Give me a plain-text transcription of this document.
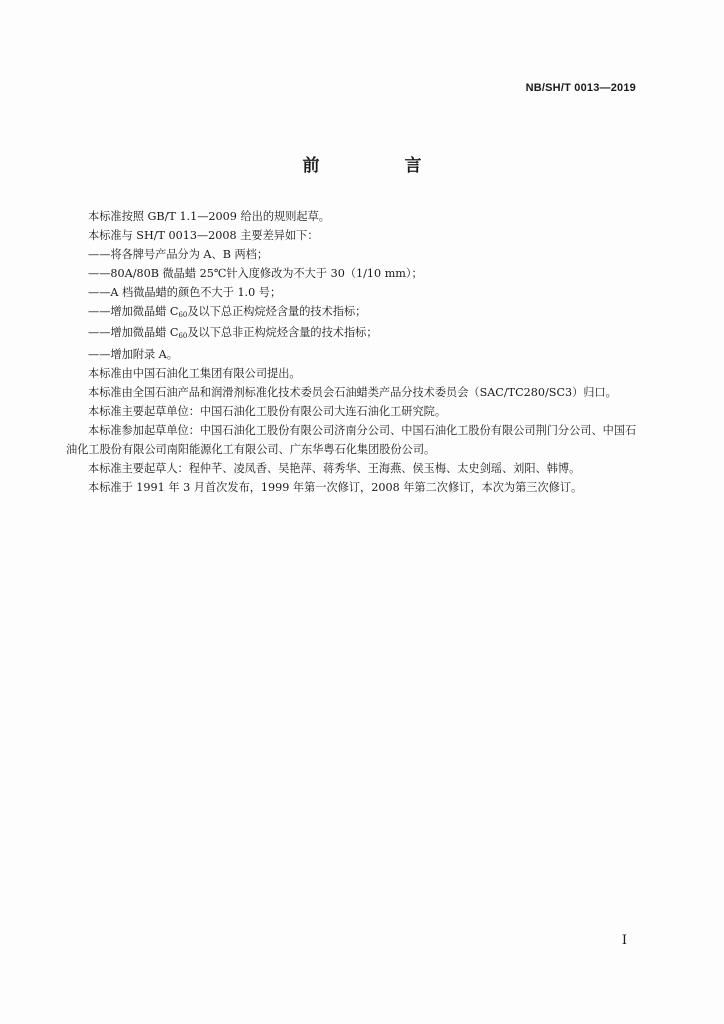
NB/SH/T 0013—2019
前　言

本标准按照 GB/T 1.1—2009 给出的规则起草。

本标准与 SH/T 0013—2008 主要差异如下：

——将各牌号产品分为 A、B 两档；

——80A/80B 微晶蜡 25℃针入度修改为不大于 30（1/10 mm）；

——A 档微晶蜡的颜色不大于 1.0 号；

——增加微晶蜡 $C_{60}$及以下总正构烷烃含量的技术指标；

——增加微晶蜡 $C_{60}$及以下总非正构烷烃含量的技术指标；

——增加附录 A。

本标准由中国石油化工集团有限公司提出。

本标准由全国石油产品和润滑剂标准化技术委员会石油蜡类产品分技术委员会（SAC/TC280/SC3）归口。

本标准主要起草单位：中国石油化工股份有限公司大连石油化工研究院。

本标准参加起草单位：中国石油化工股份有限公司济南分公司、中国石油化工股份有限公司荆门分公司、中国石油化工股份有限公司南阳能源化工有限公司、广东华粤石化集团股份公司。

本标准主要起草人：程仲芊、凌凤香、吴艳萍、蒋秀华、王海燕、侯玉梅、太史剑瑶、刘阳、韩博。

本标准于 1991 年 3 月首次发布，1999 年第一次修订，2008 年第二次修订，本次为第三次修订。

I
